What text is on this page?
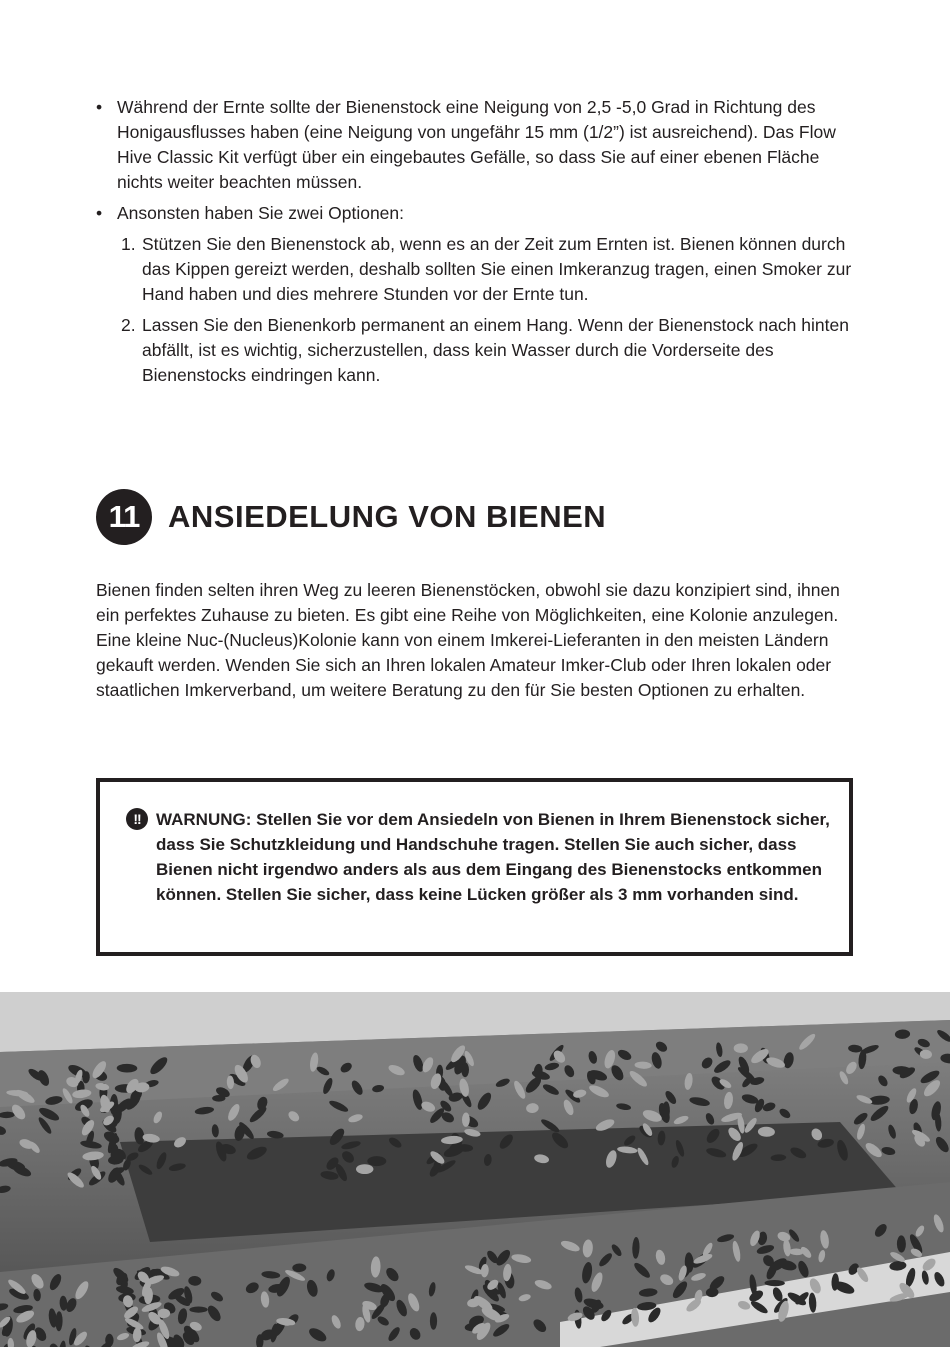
• Während der Ernte sollte der Bienenstock eine Neigung von 2,5 -5,0 Grad in Richtung des Honigausflusses haben (eine Neigung von ungefähr 15 mm (1/2”) ist ausreichend). Das Flow Hive Classic Kit verfügt über ein eingebautes Gefälle, so dass Sie auf einer ebenen Fläche nichts weiter beachten müssen.
• Ansonsten haben Sie zwei Optionen:
1. Stützen Sie den Bienenstock ab, wenn es an der Zeit zum Ernten ist. Bienen können durch das Kippen gereizt werden, deshalb sollten Sie einen Imkeranzug tragen, einen Smoker zur Hand haben und dies mehrere Stunden vor der Ernte tun.
2. Lassen Sie den Bienenkorb permanent an einem Hang. Wenn der Bienenstock nach hinten abfällt, ist es wichtig, sicherzustellen, dass kein Wasser durch die Vorderseite des Bienenstocks eindringen kann.
11 ANSIEDELUNG VON BIENEN
Bienen finden selten ihren Weg zu leeren Bienenstöcken, obwohl sie dazu konzipiert sind, ihnen ein perfektes Zuhause zu bieten. Es gibt eine Reihe von Möglichkeiten, eine Kolonie anzulegen. Eine kleine Nuc-(Nucleus)Kolonie kann von einem Imkerei-Lieferanten in den meisten Ländern gekauft werden. Wenden Sie sich an Ihren lokalen Amateur Imker-Club oder Ihren lokalen oder staatlichen Imkerverband, um weitere Beratung zu den für Sie besten Optionen zu erhalten.
!! WARNUNG: Stellen Sie vor dem Ansiedeln von Bienen in Ihrem Bienenstock sicher, dass Sie Schutzkleidung und Handschuhe tragen. Stellen Sie auch sicher, dass Bienen nicht irgendwo anders als aus dem Eingang des Bienenstocks entkommen können. Stellen Sie sicher, dass keine Lücken größer als 3 mm vorhanden sind.
